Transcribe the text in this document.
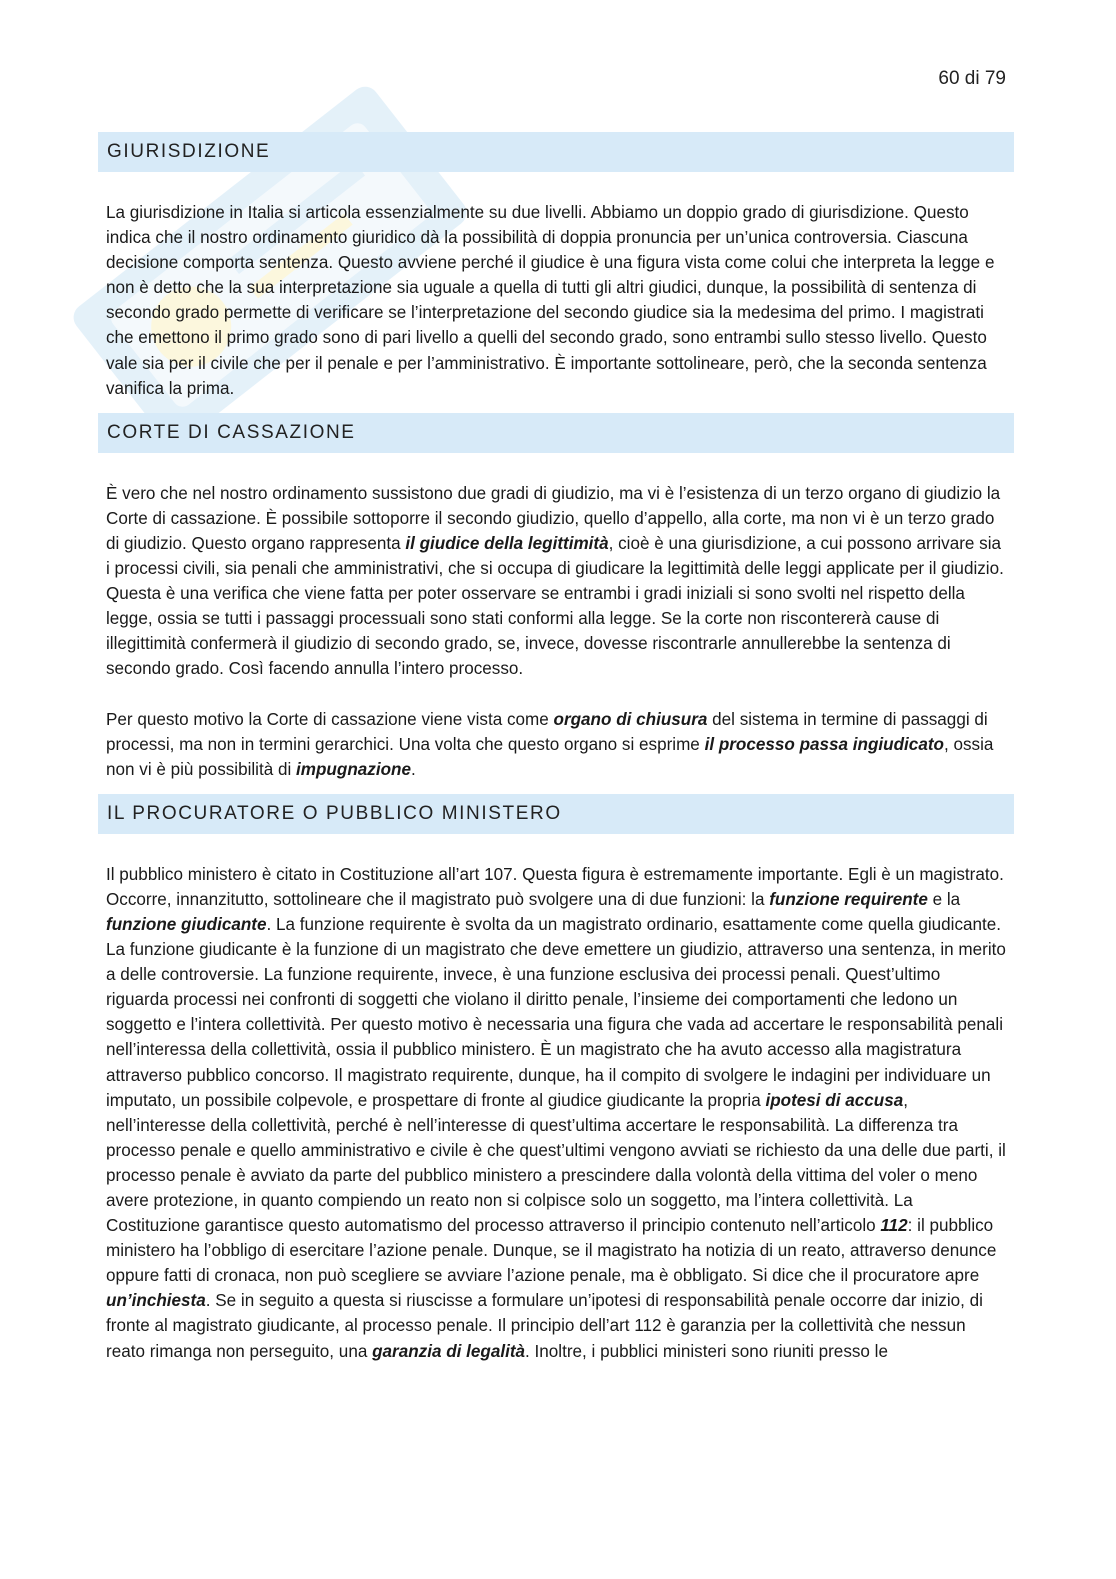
60 di 79
GIURISDIZIONE

La giurisdizione in Italia si articola essenzialmente su due livelli. Abbiamo un doppio grado di giurisdizione. Questo indica che il nostro ordinamento giuridico dà la possibilità di doppia pronuncia per un’unica controversia. Ciascuna decisione comporta sentenza. Questo avviene perché il giudice è una figura vista come colui che interpreta la legge e non è detto che la sua interpretazione sia uguale a quella di tutti gli altri giudici, dunque, la possibilità di sentenza di secondo grado permette di verificare se l’interpretazione del secondo giudice sia la medesima del primo. I magistrati che emettono il primo grado sono di pari livello a quelli del secondo grado, sono entrambi sullo stesso livello. Questo vale sia per il civile che per il penale e per l’amministrativo. È importante sottolineare, però, che la seconda sentenza vanifica la prima.

CORTE DI CASSAZIONE

È vero che nel nostro ordinamento sussistono due gradi di giudizio, ma vi è l’esistenza di un terzo organo di giudizio la Corte di cassazione. È possibile sottoporre il secondo giudizio, quello d’appello, alla corte, ma non vi è un terzo grado di giudizio. Questo organo rappresenta il giudice della legittimità, cioè è una giurisdizione, a cui possono arrivare sia i processi civili, sia penali che amministrativi, che si occupa di giudicare la legittimità delle leggi applicate per il giudizio. Questa è una verifica che viene fatta per poter osservare se entrambi i gradi iniziali si sono svolti nel rispetto della legge, ossia se tutti i passaggi processuali sono stati conformi alla legge. Se la corte non riscontererà cause di illegittimità confermerà il giudizio di secondo grado, se, invece, dovesse riscontrarle annullerebbe la sentenza di secondo grado. Così facendo annulla l’intero processo.

Per questo motivo la Corte di cassazione viene vista come organo di chiusura del sistema in termine di passaggi di processi, ma non in termini gerarchici. Una volta che questo organo si esprime il processo passa ingiudicato, ossia non vi è più possibilità di impugnazione.

IL PROCURATORE O PUBBLICO MINISTERO

Il pubblico ministero è citato in Costituzione all’art 107. Questa figura è estremamente importante. Egli è un magistrato. Occorre, innanzitutto, sottolineare che il magistrato può svolgere una di due funzioni: la funzione requirente e la funzione giudicante. La funzione requirente è svolta da un magistrato ordinario, esattamente come quella giudicante. La funzione giudicante è la funzione di un magistrato che deve emettere un giudizio, attraverso una sentenza, in merito a delle controversie. La funzione requirente, invece, è una funzione esclusiva dei processi penali. Quest’ultimo riguarda processi nei confronti di soggetti che violano il diritto penale, l’insieme dei comportamenti che ledono un soggetto e l’intera collettività. Per questo motivo è necessaria una figura che vada ad accertare le responsabilità penali nell’interessa della collettività, ossia il pubblico ministero. È un magistrato che ha avuto accesso alla magistratura attraverso pubblico concorso. Il magistrato requirente, dunque, ha il compito di svolgere le indagini per individuare un imputato, un possibile colpevole, e prospettare di fronte al giudice giudicante la propria ipotesi di accusa, nell’interesse della collettività, perché è nell’interesse di quest’ultima accertare le responsabilità. La differenza tra processo penale e quello amministrativo e civile è che quest’ultimi vengono avviati se richiesto da una delle due parti, il processo penale è avviato da parte del pubblico ministero a prescindere dalla volontà della vittima del voler o meno avere protezione, in quanto compiendo un reato non si colpisce solo un soggetto, ma l’intera collettività. La Costituzione garantisce questo automatismo del processo attraverso il principio contenuto nell’articolo 112: il pubblico ministero ha l’obbligo di esercitare l’azione penale. Dunque, se il magistrato ha notizia di un reato, attraverso denunce oppure fatti di cronaca, non può scegliere se avviare l’azione penale, ma è obbligato. Si dice che il procuratore apre un’inchiesta. Se in seguito a questa si riuscisse a formulare un’ipotesi di responsabilità penale occorre dar inizio, di fronte al magistrato giudicante, al processo penale. Il principio dell’art 112 è garanzia per la collettività che nessun reato rimanga non perseguito, una garanzia di legalità. Inoltre, i pubblici ministeri sono riuniti presso le
